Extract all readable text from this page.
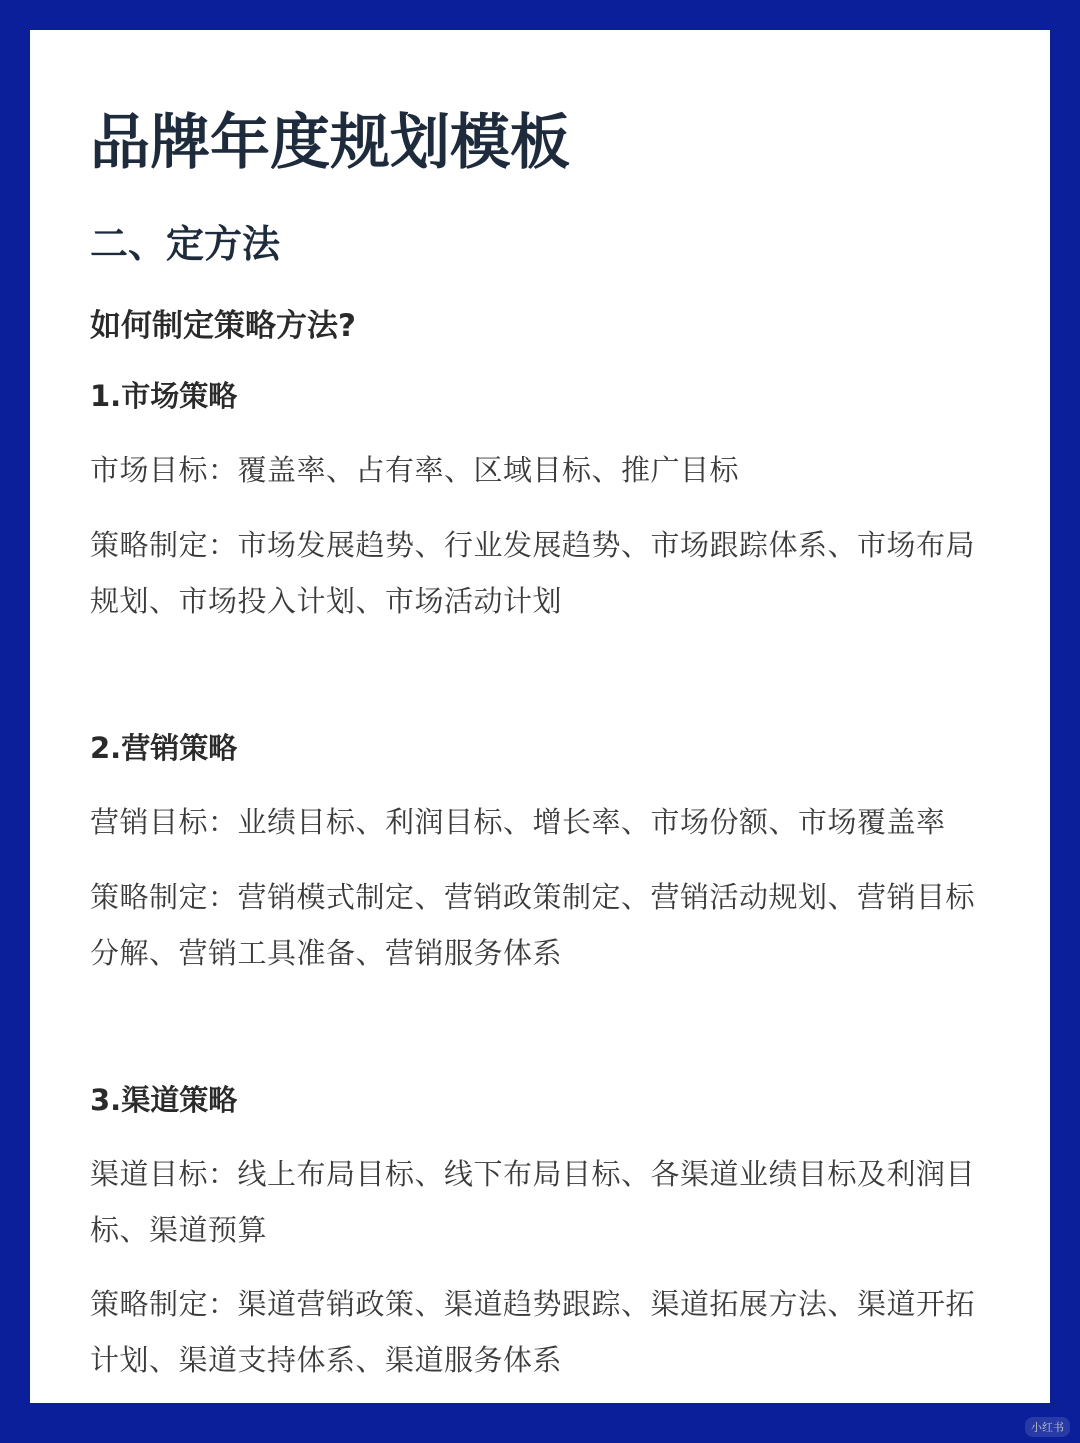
品牌年度规划模板
二、定方法

如何制定策略方法?

1.市场策略

市场目标：覆盖率、占有率、区域目标、推广目标

策略制定：市场发展趋势、行业发展趋势、市场跟踪体系、市场布局规划、市场投入计划、市场活动计划

2.营销策略

营销目标：业绩目标、利润目标、增长率、市场份额、市场覆盖率

策略制定：营销模式制定、营销政策制定、营销活动规划、营销目标分解、营销工具准备、营销服务体系

3.渠道策略

渠道目标：线上布局目标、线下布局目标、各渠道业绩目标及利润目标、渠道预算

策略制定：渠道营销政策、渠道趋势跟踪、渠道拓展方法、渠道开拓计划、渠道支持体系、渠道服务体系

小红书
